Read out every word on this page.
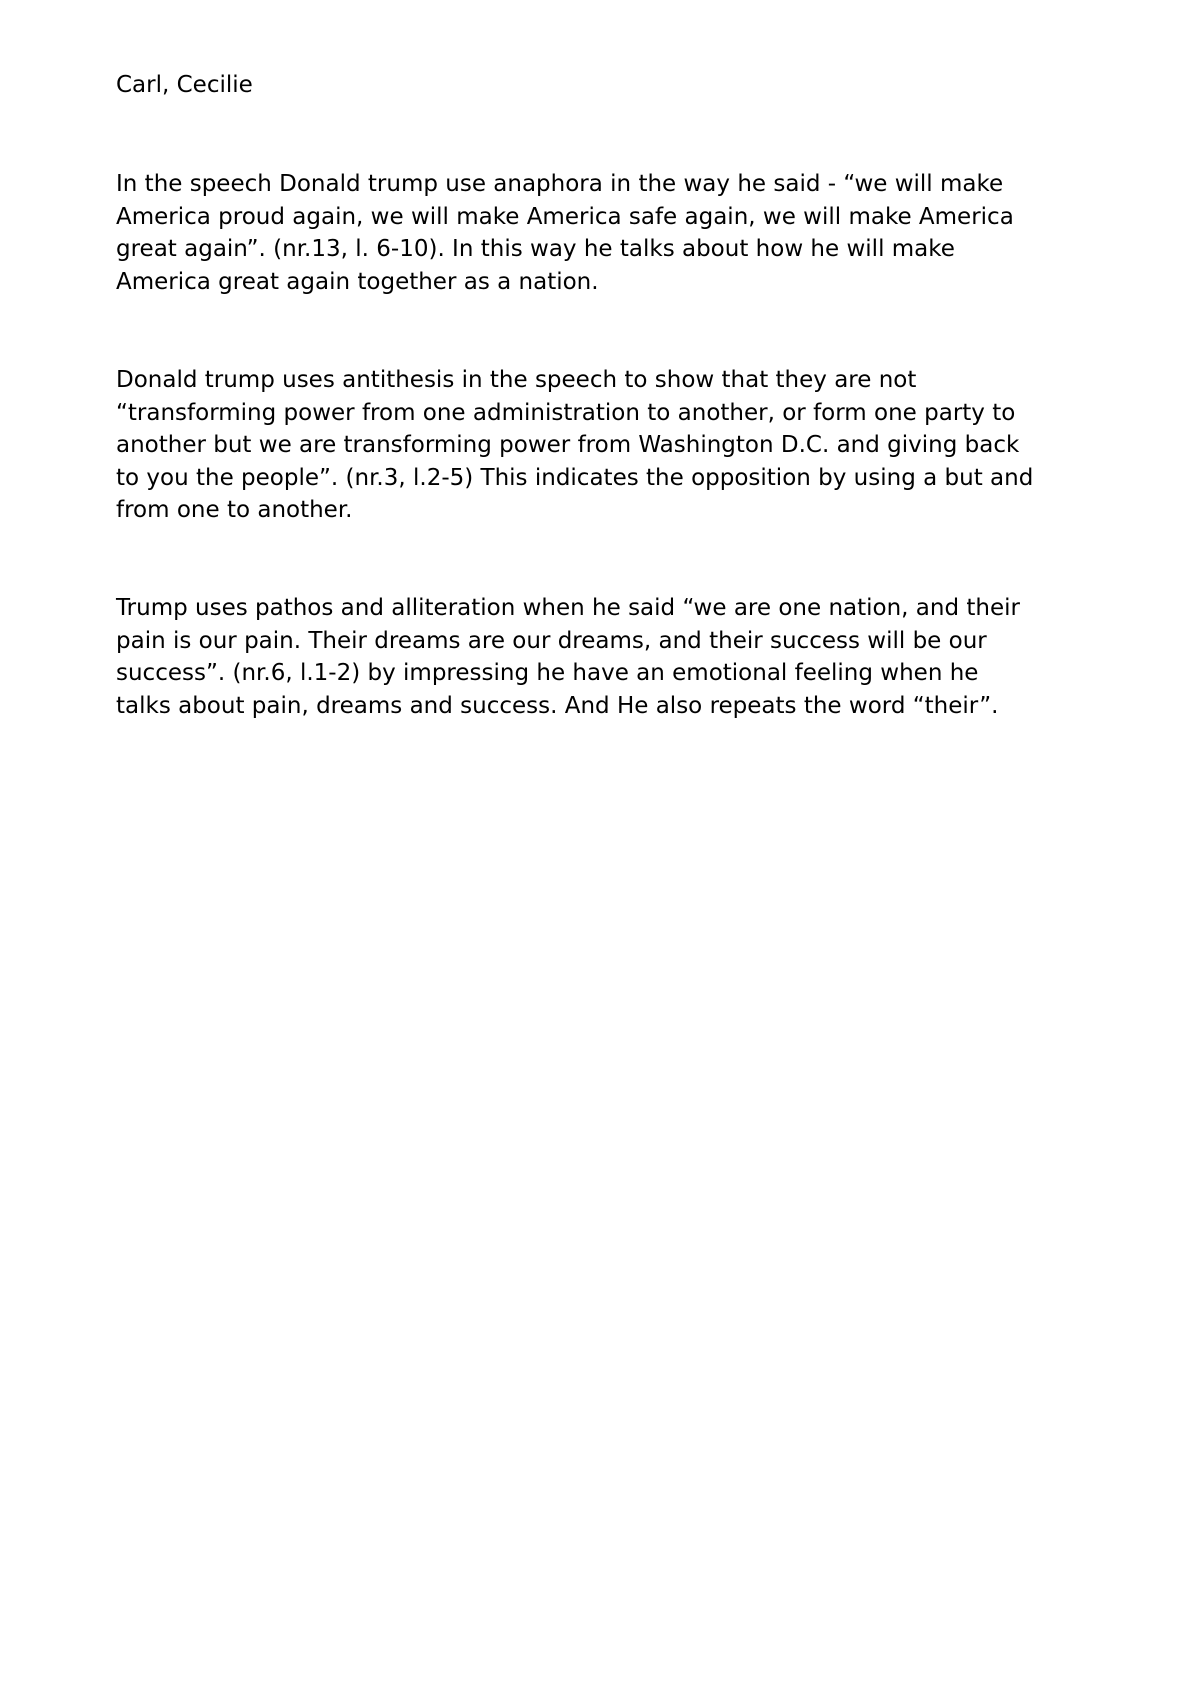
Carl, Cecilie

In the speech Donald trump use anaphora in the way he said - “we will make
America proud again, we will make America safe again, we will make America
great again”. (nr.13, l. 6-10). In this way he talks about how he will make
America great again together as a nation.

Donald trump uses antithesis in the speech to show that they are not
“transforming power from one administration to another, or form one party to
another but we are transforming power from Washington D.C. and giving back
to you the people”. (nr.3, l.2-5) This indicates the opposition by using a but and
from one to another.

Trump uses pathos and alliteration when he said “we are one nation, and their
pain is our pain. Their dreams are our dreams, and their success will be our
success”. (nr.6, l.1-2) by impressing he have an emotional feeling when he
talks about pain, dreams and success. And He also repeats the word “their”.
